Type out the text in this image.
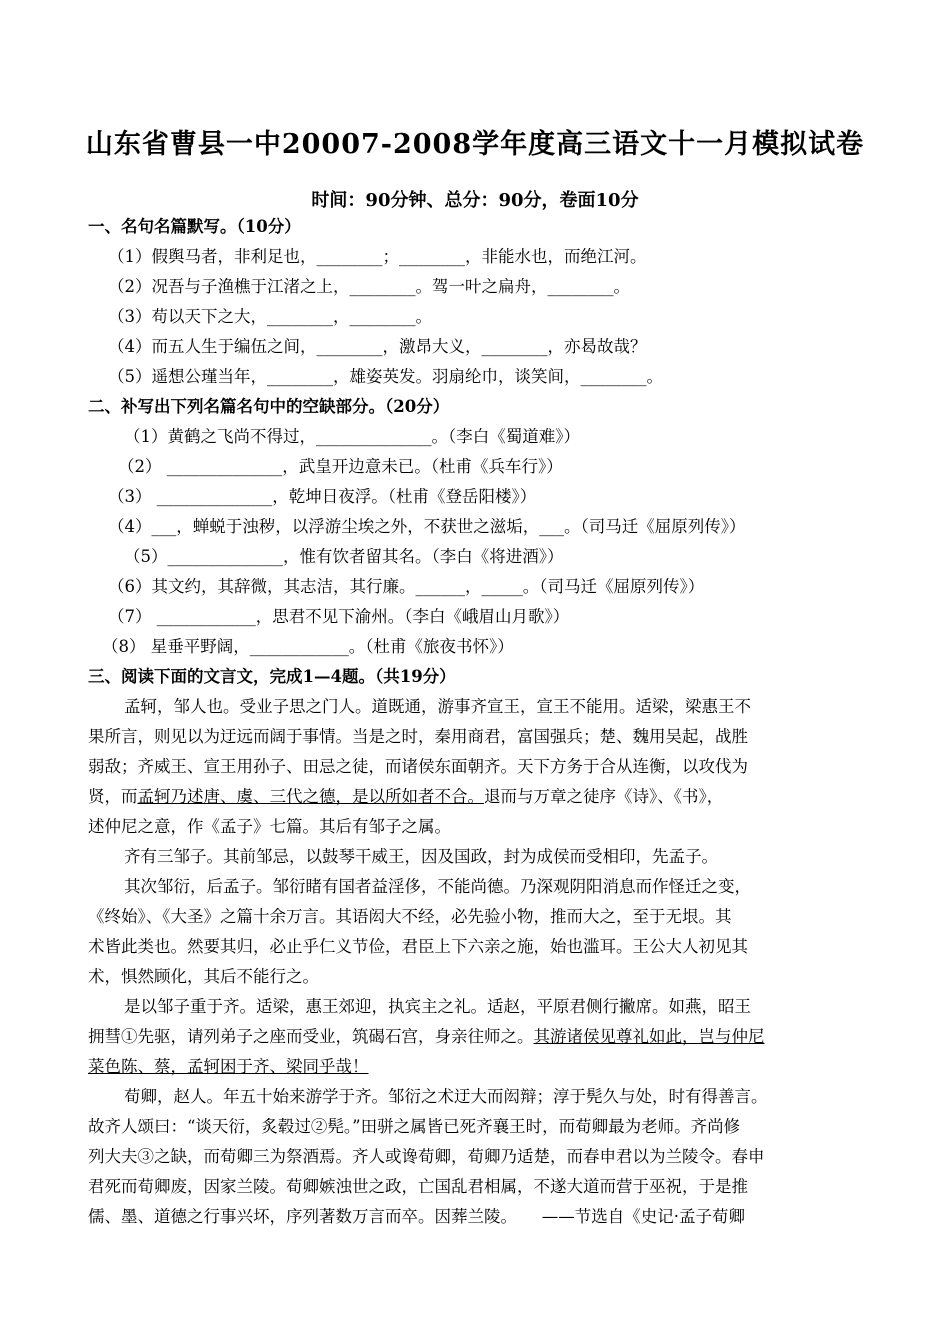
山东省曹县一中20007-2008学年度高三语文十一月模拟试卷
时间：90分钟、总分：90分，卷面10分
一、名句名篇默写。（10分）
（1）假舆马者，非利足也，________；________，非能水也，而绝江河。
（2）况吾与子渔樵于江渚之上，________。驾一叶之扁舟，________。
（3）苟以天下之大，________，________。
（4）而五人生于编伍之间，________，激昂大义，________，亦曷故哉？
（5）遥想公瑾当年，________，雄姿英发。羽扇纶巾，谈笑间，________。
二、补写出下列名篇名句中的空缺部分。（20分）
（1）黄鹤之飞尚不得过，______________。（李白《蜀道难》）
（2） ______________，武皇开边意未已。（杜甫《兵车行》）
（3） ______________，乾坤日夜浮。（杜甫《登岳阳楼》）
（4）___，蝉蜕于浊秽，以浮游尘埃之外，不获世之滋垢，___。（司马迁《屈原列传》）
（5）______________，惟有饮者留其名。（李白《将进酒》）
（6）其文约，其辞微，其志洁，其行廉。______，_____。（司马迁《屈原列传》）
（7） ____________，思君不见下渝州。（李白《峨眉山月歌》）
（8） 星垂平野阔，____________。（杜甫《旅夜书怀》）
三、阅读下面的文言文，完成1—4题。（共19分）
孟轲，邹人也。受业子思之门人。道既通，游事齐宣王，宣王不能用。适梁，梁惠王不
果所言，则见以为迂远而阔于事情。当是之时，秦用商君，富国强兵；楚、魏用吴起，战胜
弱敌；齐威王、宣王用孙子、田忌之徒，而诸侯东面朝齐。天下方务于合从连衡，以攻伐为
贤，而孟轲乃述唐、虞、三代之德，是以所如者不合。退而与万章之徒序《诗》、《书》，
述仲尼之意，作《孟子》七篇。其后有邹子之属。
齐有三邹子。其前邹忌，以鼓琴干威王，因及国政，封为成侯而受相印，先孟子。
其次邹衍，后孟子。邹衍睹有国者益淫侈，不能尚德。乃深观阴阳消息而作怪迁之变，
《终始》、《大圣》之篇十余万言。其语闳大不经，必先验小物，推而大之，至于无垠。其
术皆此类也。然要其归，必止乎仁义节俭，君臣上下六亲之施，始也滥耳。王公大人初见其
术，惧然顾化，其后不能行之。
是以邹子重于齐。适梁，惠王郊迎，执宾主之礼。适赵，平原君侧行撇席。如燕，昭王
拥彗①先驱，请列弟子之座而受业，筑碣石宫，身亲往师之。其游诸侯见尊礼如此，岂与仲尼
菜色陈、蔡，孟轲困于齐、梁同乎哉！
荀卿，赵人。年五十始来游学于齐。邹衍之术迂大而闳辩；淳于髡久与处，时有得善言。
故齐人颂曰：“谈天衍，炙毂过②髡。”田骈之属皆已死齐襄王时，而荀卿最为老师。齐尚修
列大夫③之缺，而荀卿三为祭酒焉。齐人或谗荀卿，荀卿乃适楚，而春申君以为兰陵令。春申
君死而荀卿废，因家兰陵。荀卿嫉浊世之政，亡国乱君相属，不遂大道而营于巫祝，于是推
儒、墨、道德之行事兴坏，序列著数万言而卒。因葬兰陵。　　——节选自《史记·孟子荀卿
